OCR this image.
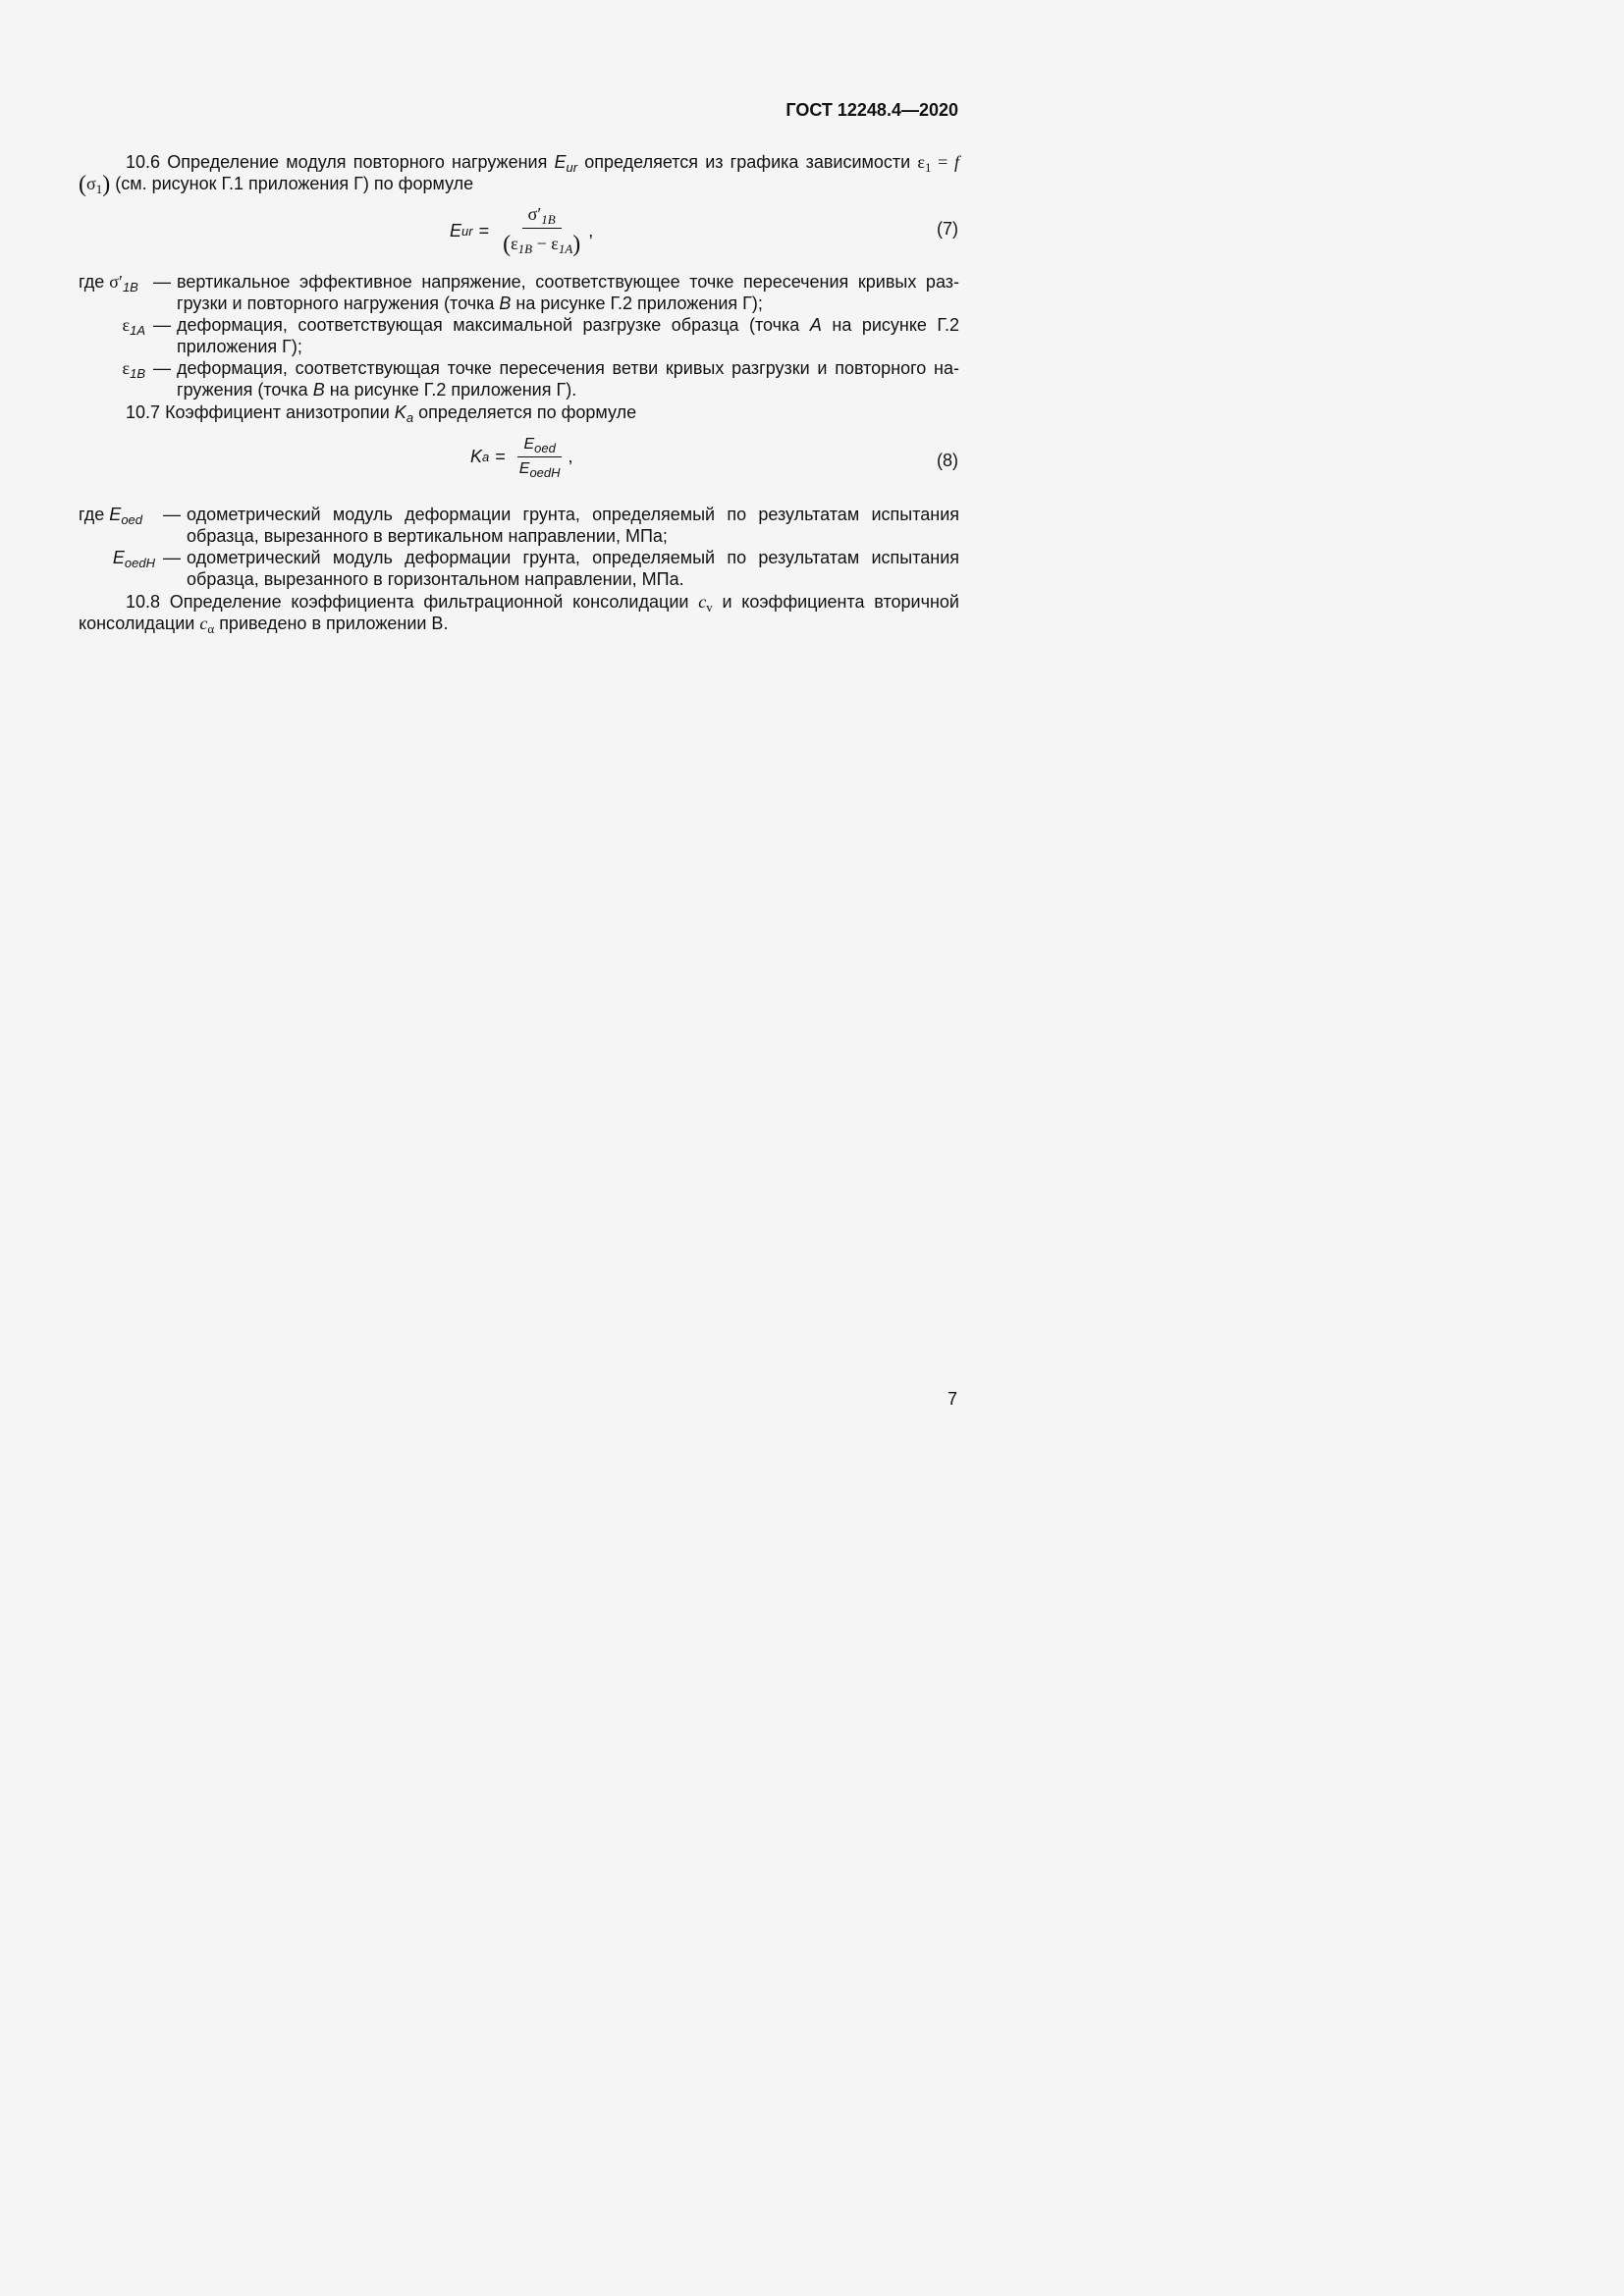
ГОСТ 12248.4—2020
10.6 Определение модуля повторного нагружения $E_{ur}$ определяется из графика зависимости $\varepsilon_1 = f$ $(\sigma_1)$ (см. рисунок Г.1 приложения Г) по формуле
E ur = $\frac{\sigma'_{1B}}{(\varepsilon_{1B} - \varepsilon_{1A})}$ ,	(7)
где $\sigma'_{1B}$ — вертикальное эффективное напряжение, соответствующее точке пересечения кривых раз-грузки и повторного нагружения (точка B на рисунке Г.2 приложения Г);
$\varepsilon_{1A}$ — деформация, соответствующая максимальной разгрузке образца (точка A на рисунке Г.2 приложения Г);
$\varepsilon_{1B}$ — деформация, соответствующая точке пересечения ветви кривых разгрузки и повторного на-гружения (точка B на рисунке Г.2 приложения Г).
10.7 Коэффициент анизотропии $K_a$ определяется по формуле
K $a = \frac{E_{oed}}{E_{oedH}}$ ,	(8)
где $E_{oed}$	— одометрический модуль деформации грунта, определяемый по результатам испытания образца, вырезанного в вертикальном направлении, МПа;
$E_{oedH}$ — одометрический модуль деформации грунта, определяемый по результатам испытания образца, вырезанного в горизонтальном направлении, МПа.
10.8 Определение коэффициента фильтрационной консолидации $c_v$ и коэффициента вторичной консолидации $c_\alpha$ приведено в приложении В.
7
